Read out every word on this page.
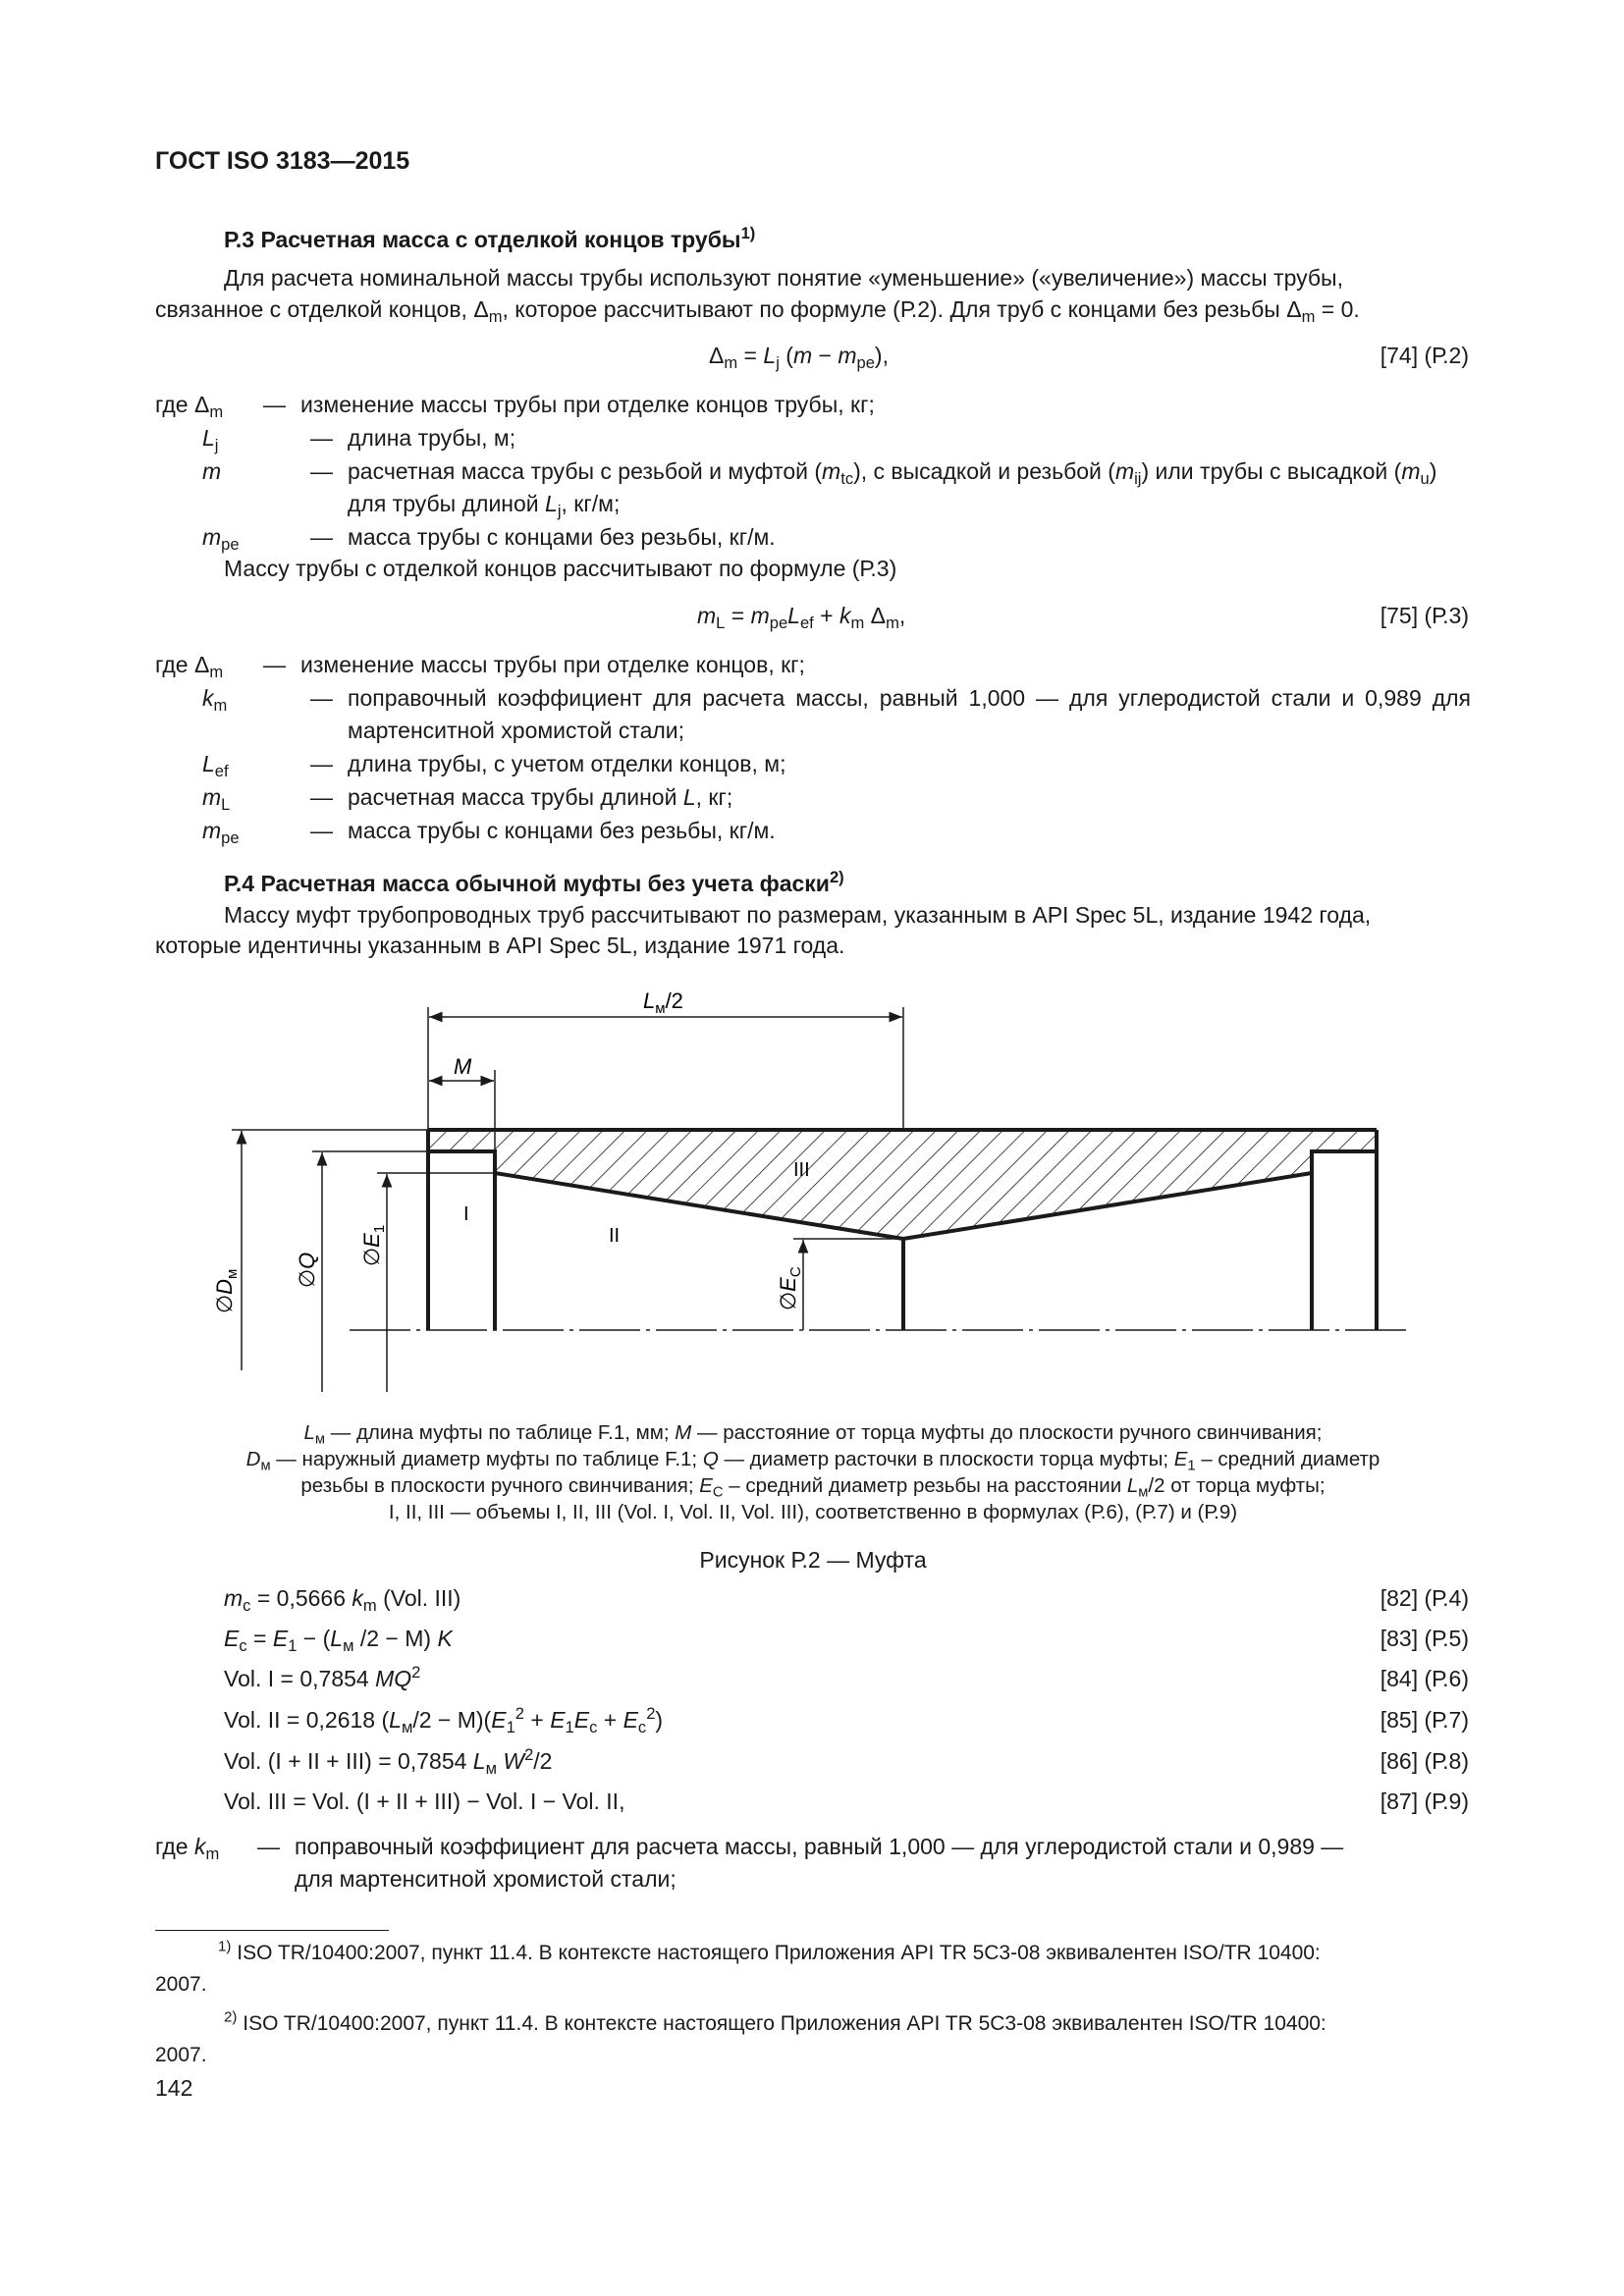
ГОСТ ISO 3183—2015
Р.3 Расчетная масса с отделкой концов трубы$^{1)}$
Для расчета номинальной массы трубы используют понятие «уменьшение» («увеличение») массы трубы,
связанное с отделкой концов, $\Delta_m$, которое рассчитывают по формуле (Р.2). Для труб с концами без резьбы $\Delta_m = 0$.
$\Delta_m = L_j$ $(m - m_{pe})$,	[74] (Р.2)
где $\Delta_m$	— изменение массы трубы при отделке концов трубы, кг;
$L_j$	— длина трубы, м;
m	— расчетная масса трубы с резьбой и муфтой $(m_{tc})$, с высадкой и резьбой $(m_{ij})$ или трубы с высадкой $(m_u)$
для трубы длиной $L_j$, кг/м;
$m_{pe}$	— масса трубы с концами без резьбы, кг/м.
Массу трубы с отделкой концов рассчитывают по формуле (Р.3)
$m_L = m_{pe}L_{ef} + k_m$ $\Delta_m$,	[75] (Р.3)
где $\Delta_m$	— изменение массы трубы при отделке концов, кг;
$k_m$	— поправочный коэффициент для расчета массы, равный 1,000 — для углеродистой стали и 0,989 для мартенситной хромистой стали;
$L_{ef}$	— длина трубы, с учетом отделки концов, м;
$m_L$	— расчетная масса трубы длиной L, кг;
$m_{pe}$	— масса трубы с концами без резьбы, кг/м.
Р.4 Расчетная масса обычной муфты без учета фаски$^{2)}$
Массу муфт трубопроводных труб рассчитывают по размерам, указанным в API Spec 5L, издание 1942 года,
которые идентичны указанным в API Spec 5L, издание 1971 года.
$L_м/2$
M
I
II
III
$\emptyset D_м$	∅Q
$\emptyset E_1$
$\emptyset E_C$
$L_м$ — длина муфты по таблице F.1, мм; M — расстояние от торца муфты до плоскости ручного свинчивания;
$D_м$ — наружный диаметр муфты по таблице F.1; Q — диаметр расточки в плоскости торца муфты; $E_1$ – средний диаметр
резьбы в плоскости ручного свинчивания; $E_C$ – средний диаметр резьбы на расстоянии $L_м/2$ от торца муфты;
I, II, III — объемы I, II, III (Vol. I, Vol. II, Vol. III), соответственно в формулах (Р.6), (Р.7) и (Р.9)
Рисунок Р.2 — Муфта
$m_c = 0,5666$ $k_m$ (Vol. III)	[82] (Р.4)
$E_c = E_1 - (L_м$ /2 − M) K	[83] (Р.5)
Vol. I = 0,7854 $MQ^2$	[84] (Р.6)
Vol. II = 0,2618 $(L_м/2 - M)(E_1^2 + E_1E_c + E_c^2)$	[85] (Р.7)
Vol. (I + II + III) = 0,7854 $L_м$ $W^2/2$	[86] (Р.8)
Vol. III = Vol. (I + II + III) − Vol. I − Vol. II,	[87] (Р.9)
где $k_m$	— поправочный коэффициент для расчета массы, равный 1,000 — для углеродистой стали и 0,989 —
для мартенситной хромистой стали;
$^{1)}$ ISO TR/10400:2007, пункт 11.4. В контексте настоящего Приложения API TR 5C3-08 эквивалентен ISO/TR 10400:
2007.
$^{2)}$ ISO TR/10400:2007, пункт 11.4. В контексте настоящего Приложения API TR 5C3-08 эквивалентен ISO/TR 10400:
2007.
142
